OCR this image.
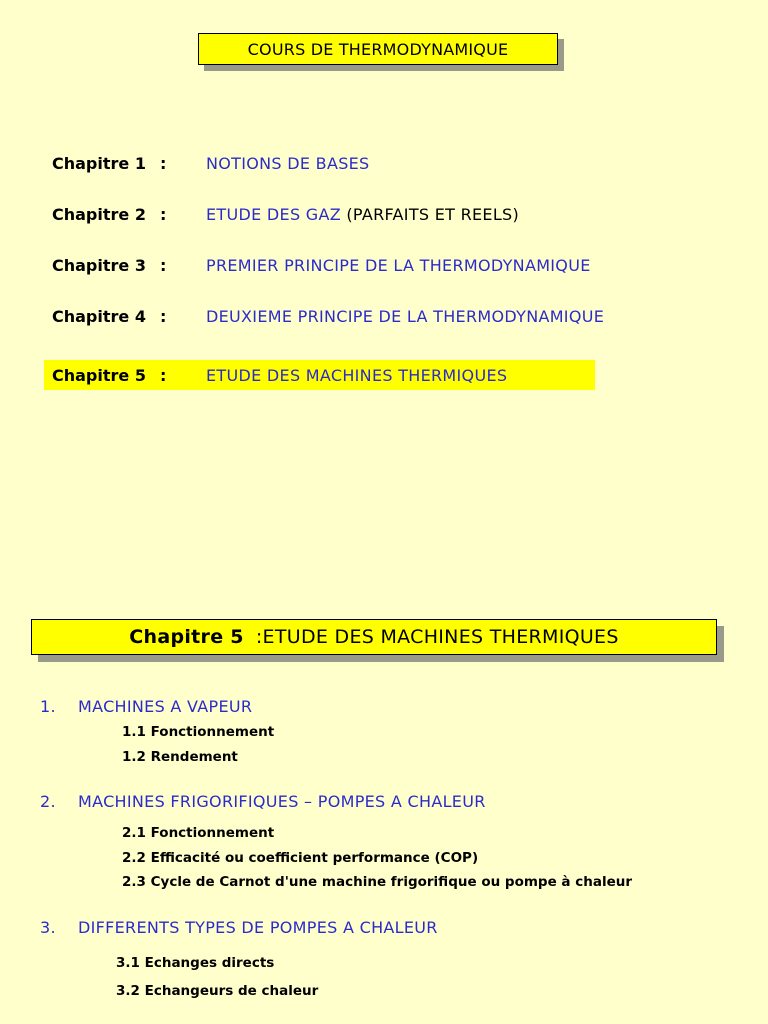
COURS DE THERMODYNAMIQUE
Chapitre 1 :	NOTIONS DE BASES
Chapitre 2 :	ETUDE DES GAZ (PARFAITS ET REELS)
Chapitre 3 :	PREMIER PRINCIPE DE LA THERMODYNAMIQUE
Chapitre 4 :	DEUXIEME PRINCIPE DE LA THERMODYNAMIQUE
Chapitre 5 :	ETUDE DES MACHINES THERMIQUES
Chapitre 5 :ETUDE DES MACHINES THERMIQUES
1.	MACHINES A VAPEUR
1.1 Fonctionnement
1.2 Rendement
2.	MACHINES FRIGORIFIQUES – POMPES A CHALEUR
2.1 Fonctionnement
2.2 Efficacité ou coefficient performance (COP)
2.3 Cycle de Carnot d'une machine frigorifique ou pompe à chaleur
3.	DIFFERENTS TYPES DE POMPES A CHALEUR
3.1 Echanges directs
3.2 Echangeurs de chaleur
